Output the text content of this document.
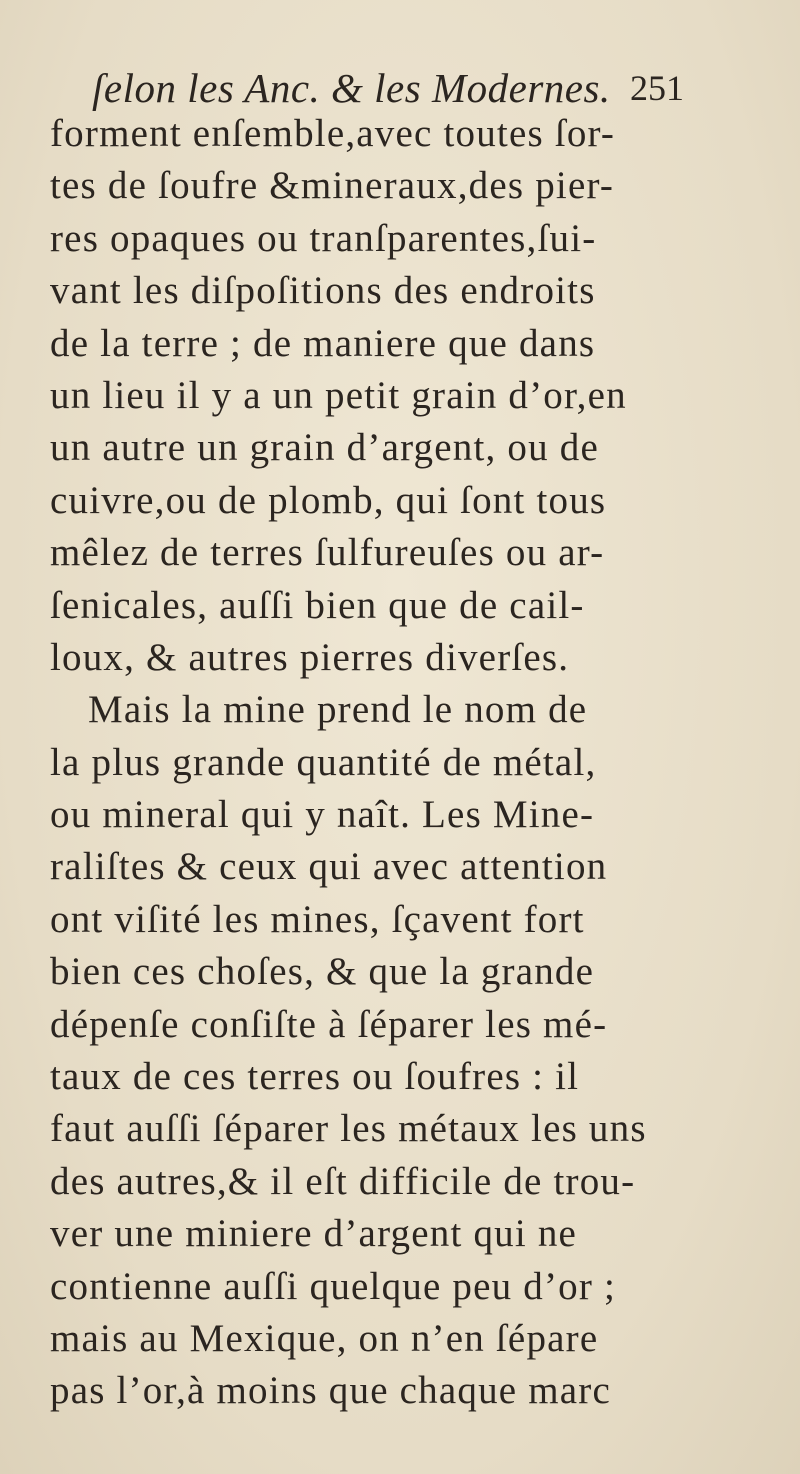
ſelon les Anc. & les Modernes. 251
forment enſemble,avec toutes ſor-
tes de ſoufre &mineraux,des pier-
res opaques ou tranſparentes,ſui-
vant les diſpoſitions des endroits
de la terre ; de maniere que dans
un lieu il y a un petit grain d’or,en
un autre un grain d’argent, ou de
cuivre,ou de plomb, qui ſont tous
mêlez de terres ſulfureuſes ou ar-
ſenicales, auſſi bien que de cail-
loux, & autres pierres diverſes.
Mais la mine prend le nom de
la plus grande quantité de métal,
ou mineral qui y naît. Les Mine-
raliſtes & ceux qui avec attention
ont viſité les mines, ſçavent fort
bien ces choſes, & que la grande
dépenſe conſiſte à ſéparer les mé-
taux de ces terres ou ſoufres : il
faut auſſi ſéparer les métaux les uns
des autres,& il eſt difficile de trou-
ver une miniere d’argent qui ne
contienne auſſi quelque peu d’or ;
mais au Mexique, on n’en ſépare
pas l’or,à moins que chaque marc
